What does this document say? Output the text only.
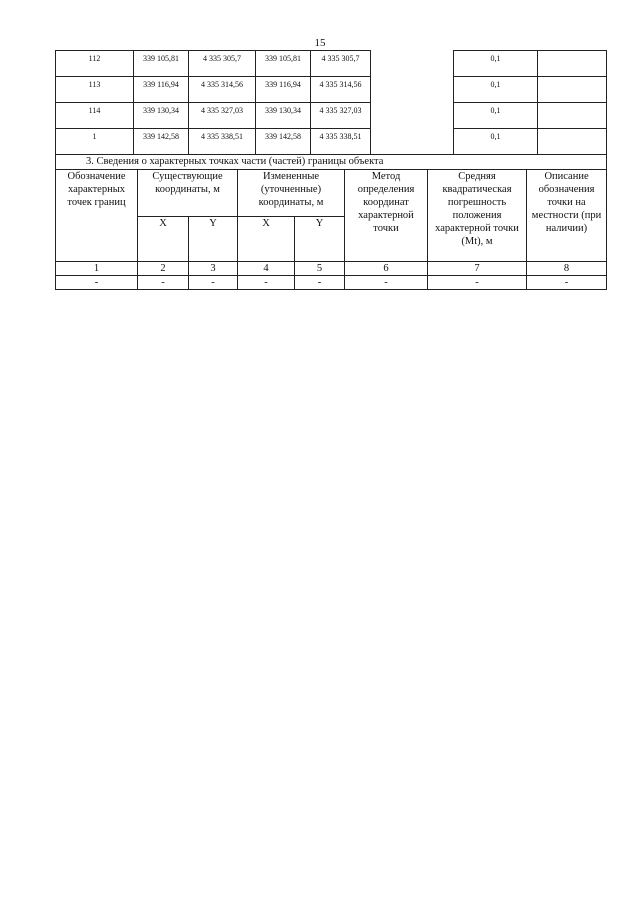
15
112	339 105,81	4 335 305,7	339 105,81	4 335 305,7		0,1	
113	339 116,94	4 335 314,56	339 116,94	4 335 314,56		0,1	
114	339 130,34	4 335 327,03	339 130,34	4 335 327,03		0,1	
1	339 142,58	4 335 338,51	339 142,58	4 335 338,51		0,1	
3. Сведения о характерных точках части (частей) границы объекта							
Обозначение характерных точек границ	Существующие координаты, м		Измененные (уточненные) координаты, м		Метод определения координат характерной точки	Средняя квадратическая погрешность положения характерной точки (Мt), м	Описание обозначения точки на местности (при наличии)
	X	Y	X	Y			
1	2	3	4	5	6	7	8
-	-	-	-	-	-	-	-
